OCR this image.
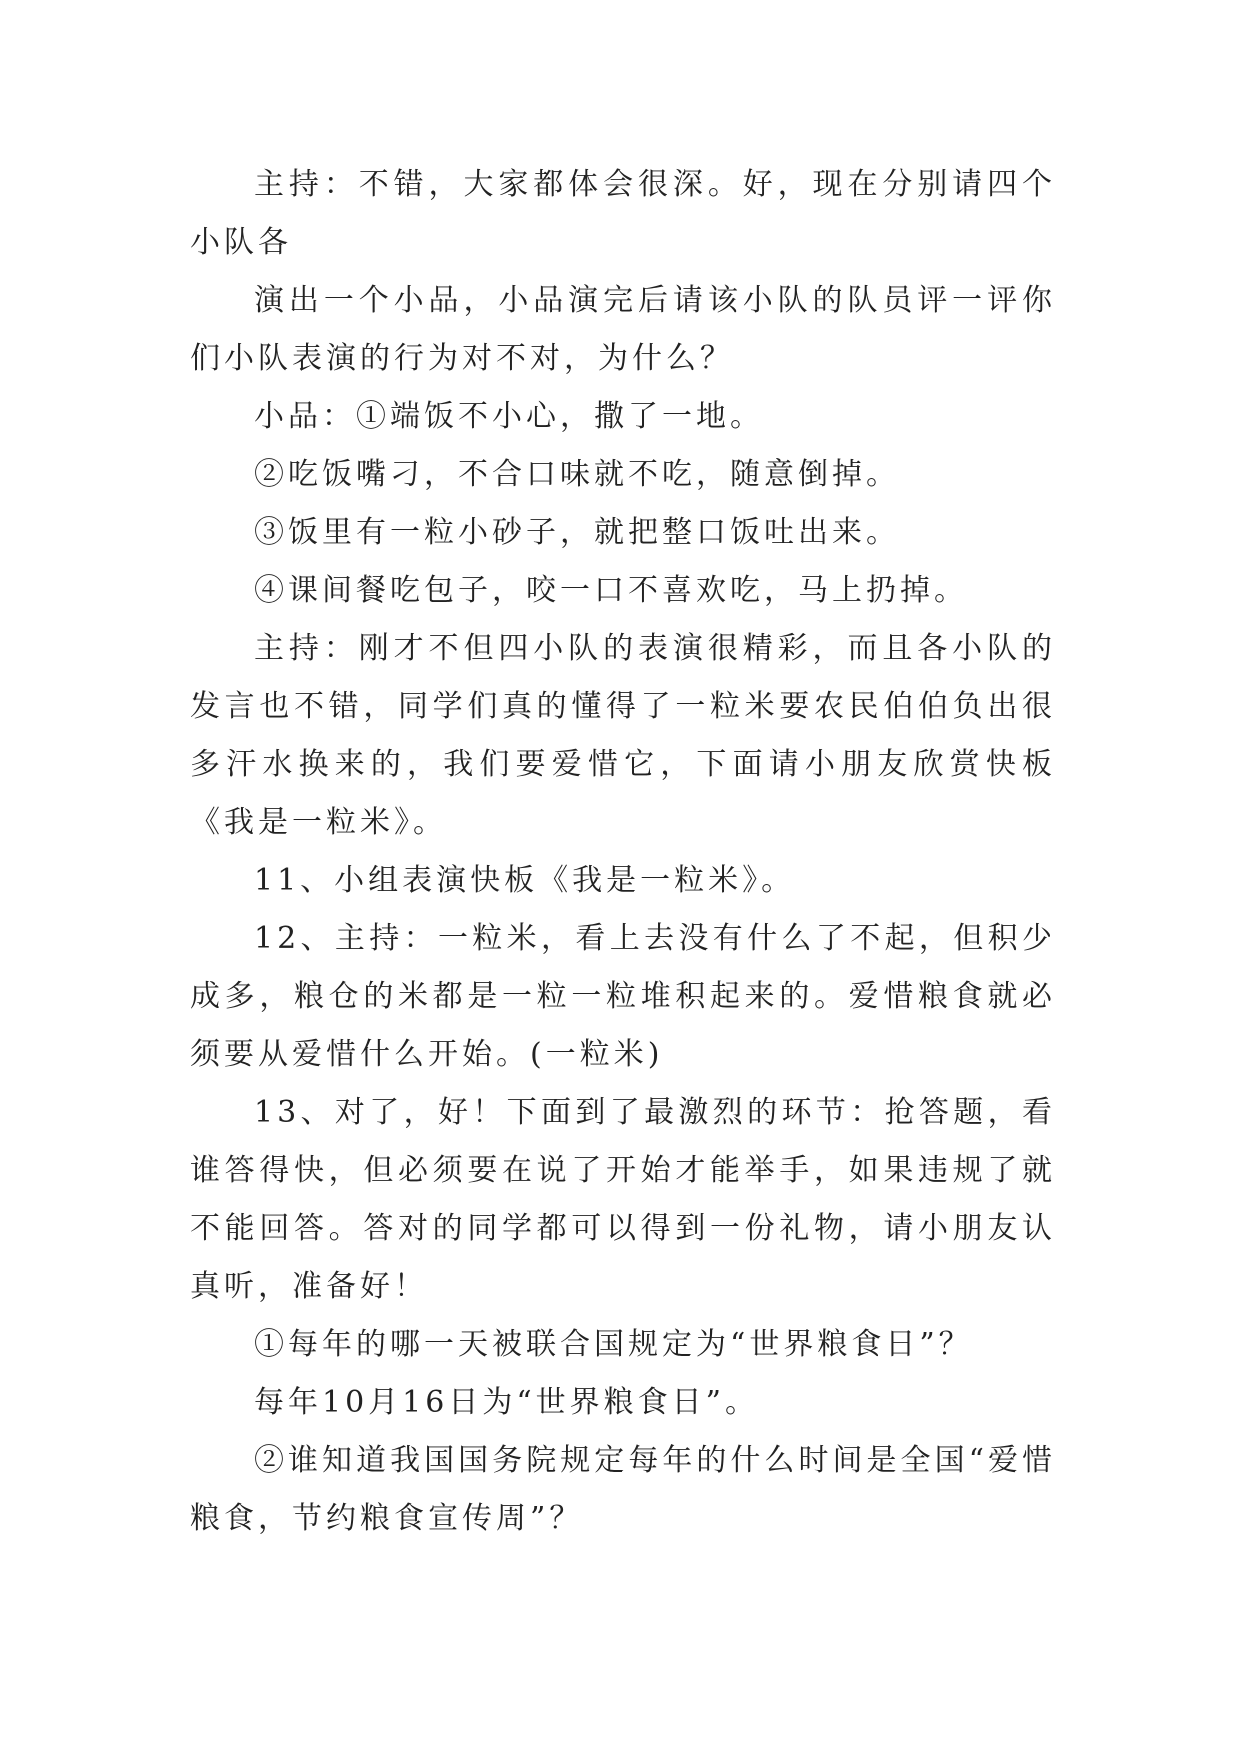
主持：不错，大家都体会很深。好，现在分别请四个小队各

演出一个小品，小品演完后请该小队的队员评一评你们小队表演的行为对不对，为什么？

小品：①端饭不小心，撒了一地。

②吃饭嘴刁，不合口味就不吃，随意倒掉。

③饭里有一粒小砂子，就把整口饭吐出来。

④课间餐吃包子，咬一口不喜欢吃，马上扔掉。

主持：刚才不但四小队的表演很精彩，而且各小队的发言也不错，同学们真的懂得了一粒米要农民伯伯负出很多汗水换来的，我们要爱惜它，下面请小朋友欣赏快板《我是一粒米》。

11、小组表演快板《我是一粒米》。

12、主持：一粒米，看上去没有什么了不起，但积少成多，粮仓的米都是一粒一粒堆积起来的。爱惜粮食就必须要从爱惜什么开始。(一粒米)

13、对了，好！下面到了最激烈的环节：抢答题，看谁答得快，但必须要在说了开始才能举手，如果违规了就不能回答。答对的同学都可以得到一份礼物，请小朋友认真听，准备好！

①每年的哪一天被联合国规定为“世界粮食日”？

每年10月16日为“世界粮食日”。

②谁知道我国国务院规定每年的什么时间是全国“爱惜粮食，节约粮食宣传周”？
